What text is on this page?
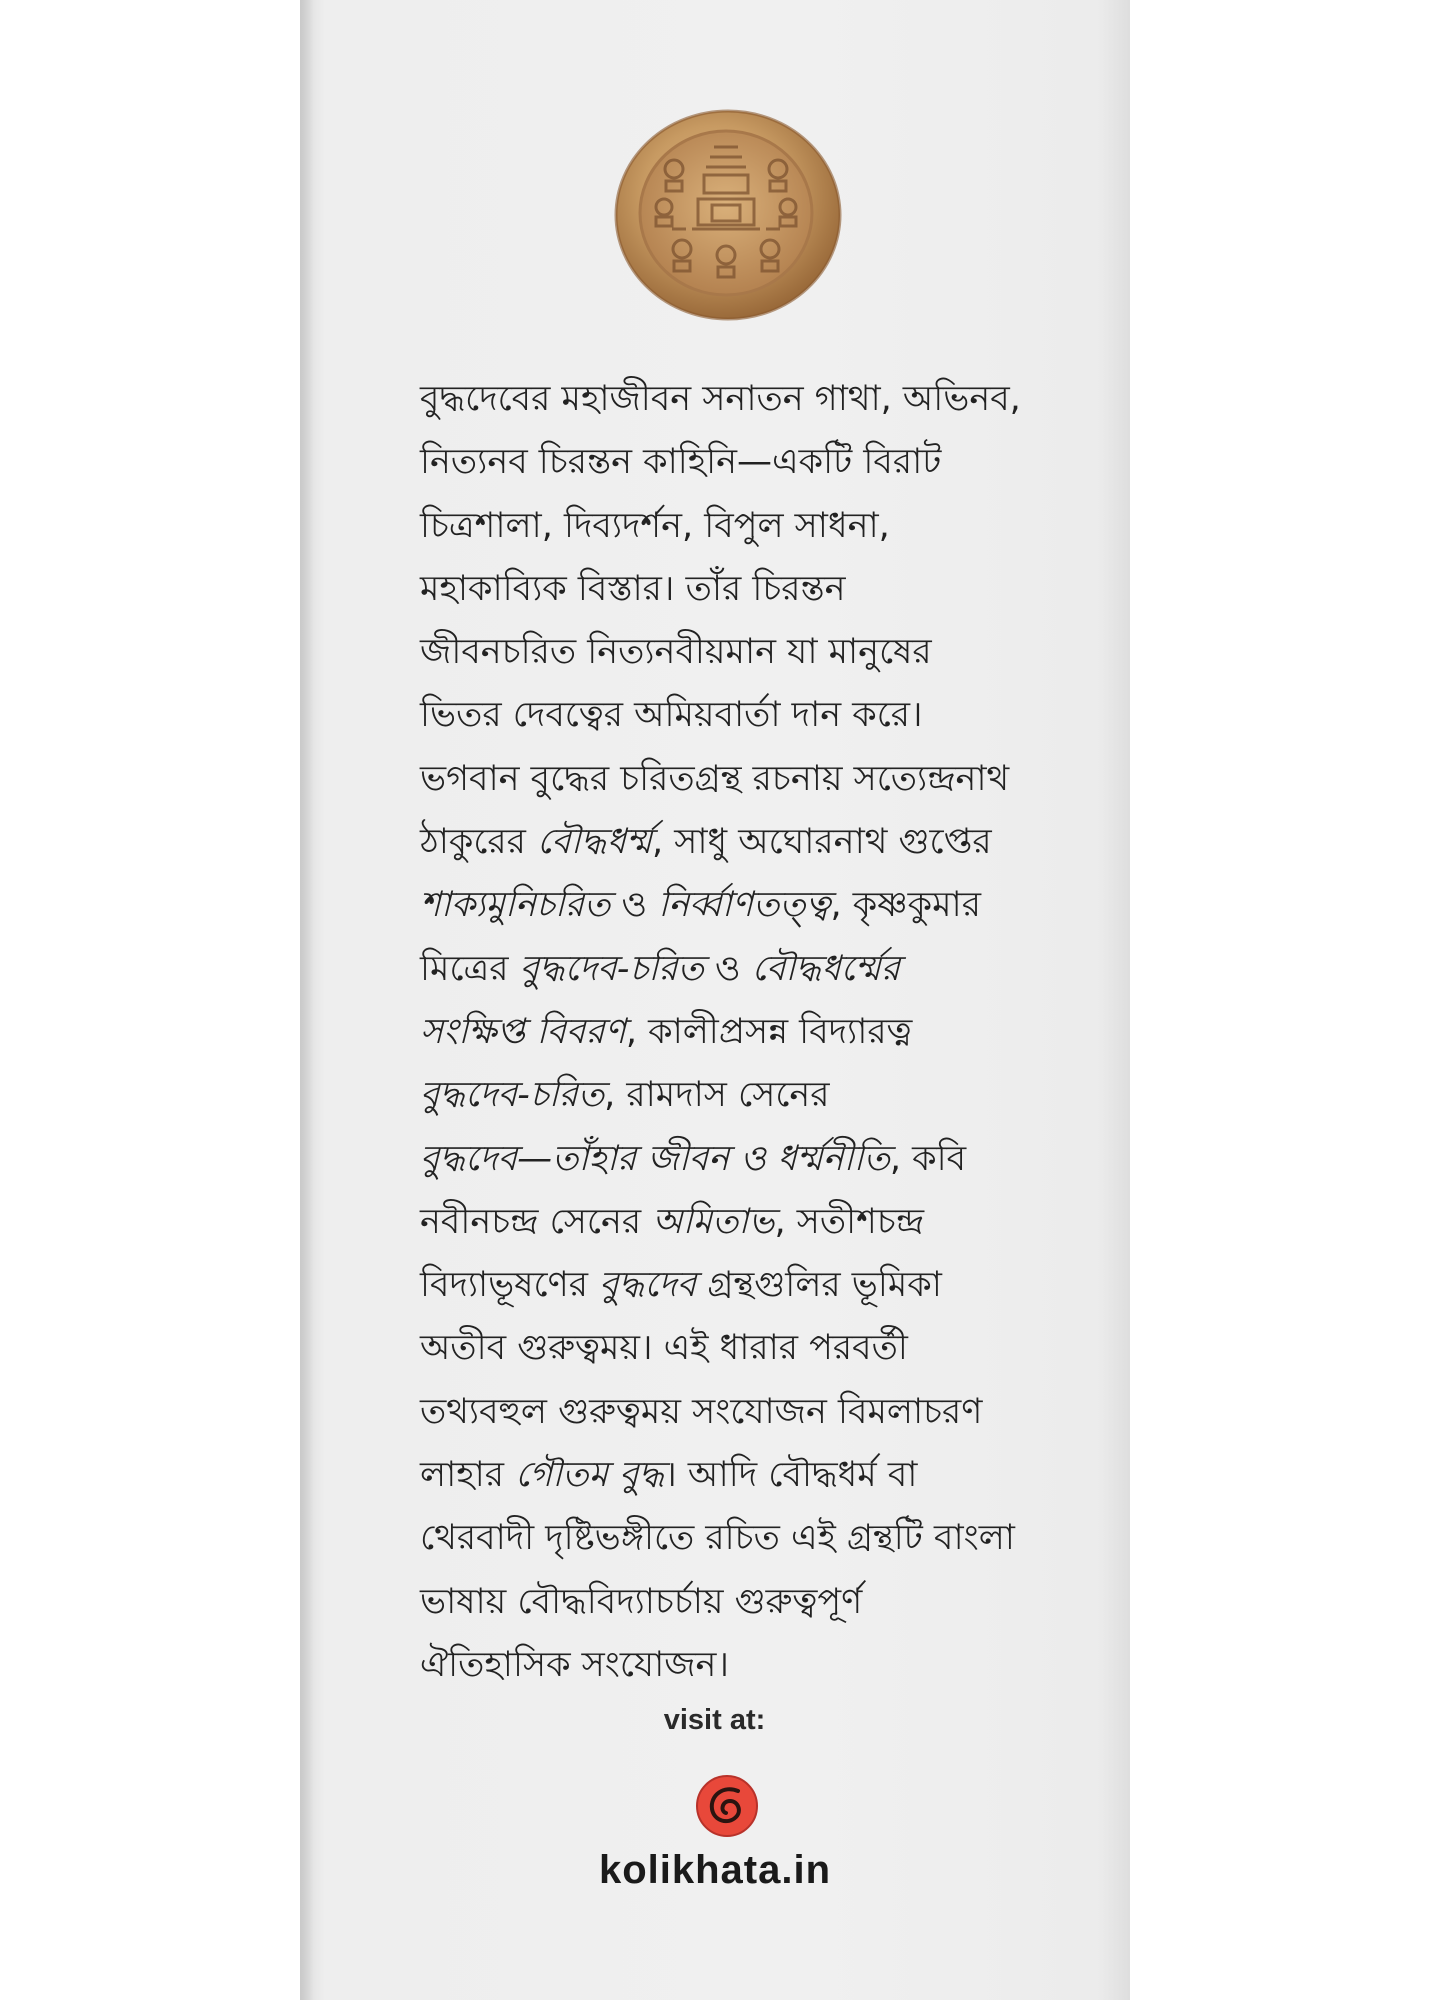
বুদ্ধদেবের মহাজীবন সনাতন গাথা, অভিনব,
নিত্যনব চিরন্তন কাহিনি—একটি বিরাট
চিত্রশালা, দিব্যদর্শন, বিপুল সাধনা,
মহাকাব্যিক বিস্তার। তাঁর চিরন্তন
জীবনচরিত নিত্যনবীয়মান যা মানুষের
ভিতর দেবত্বের অমিয়বার্তা দান করে।
ভগবান বুদ্ধের চরিতগ্রন্থ রচনায় সত্যেন্দ্রনাথ
ঠাকুরের বৌদ্ধধৰ্ম্ম, সাধু অঘোরনাথ গুপ্তের
শাক্যমুনিচরিত ও নির্ব্বাণতত্ত্ব, কৃষ্ণকুমার
মিত্রের বুদ্ধদেব-চরিত ও বৌদ্ধধর্ম্মের
সংক্ষিপ্ত বিবরণ, কালীপ্রসন্ন বিদ্যারত্ন
বুদ্ধদেব-চরিত, রামদাস সেনের
বুদ্ধদেব—তাঁহার জীবন ও ধৰ্ম্মনীতি, কবি
নবীনচন্দ্র সেনের অমিতাভ, সতীশচন্দ্র
বিদ্যাভূষণের বুদ্ধদেব গ্রন্থগুলির ভূমিকা
অতীব গুরুত্বময়। এই ধারার পরবর্তী
তথ্যবহুল গুরুত্বময় সংযোজন বিমলাচরণ
লাহার গৌতম বুদ্ধ। আদি বৌদ্ধধর্ম বা
থেরবাদী দৃষ্টিভঙ্গীতে রচিত এই গ্রন্থটি বাংলা
ভাষায় বৌদ্ধবিদ্যাচর্চায় গুরুত্বপূর্ণ
ঐতিহাসিক সংযোজন।

visit at:
kolikhata.in
